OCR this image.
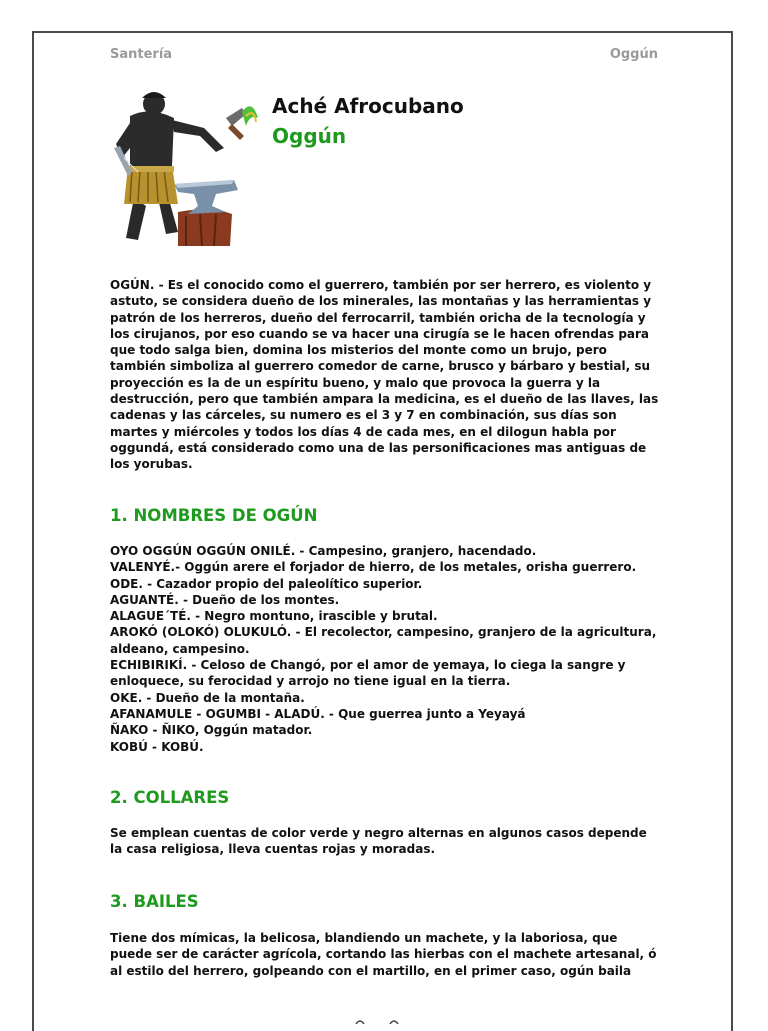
Santería	Oggún
Aché Afrocubano
Oggún

OGÚN. - Es el conocido como el guerrero, también por ser herrero, es violento y astuto, se considera dueño de los minerales, las montañas y las herramientas y patrón de los herreros, dueño del ferrocarril, también oricha de la tecnología y los cirujanos, por eso cuando se va hacer una cirugía se le hacen ofrendas para que todo salga bien, domina los misterios del monte como un brujo, pero también simboliza al guerrero comedor de carne, brusco y bárbaro y bestial, su proyección es la de un espíritu bueno, y malo que provoca la guerra y la destrucción, pero que también ampara la medicina, es el dueño de las llaves, las cadenas y las cárceles, su numero es el 3 y 7 en combinación, sus días son martes y miércoles y todos los días 4 de cada mes, en el dilogun habla por oggundá, está considerado como una de las personificaciones mas antiguas de los yorubas.

1. NOMBRES DE OGÚN
OYO OGGÚN OGGÚN ONILÉ. - Campesino, granjero, hacendado.
VALENYÉ.- Oggún arere el forjador de hierro, de los metales, orisha guerrero.
ODE. - Cazador propio del paleolítico superior.
AGUANTÉ. - Dueño de los montes.
ALAGUE´TÉ. - Negro montuno, irascible y brutal.
AROKÓ (OLOKÓ) OLUKULÓ. - El recolector, campesino, granjero de la agricultura, aldeano, campesino.
ECHIBIRIKÍ. - Celoso de Changó, por el amor de yemaya, lo ciega la sangre y enloquece, su ferocidad y arrojo no tiene igual en la tierra.
OKE. - Dueño de la montaña.
AFANAMULE - OGUMBI - ALADÚ. - Que guerrea junto a Yeyayá
ÑAKO - ÑIKO, Oggún matador.
KOBÚ - KOBÚ.
2. COLLARES

Se emplean cuentas de color verde y negro alternas en algunos casos depende la casa religiosa, lleva cuentas rojas y moradas.

3. BAILES

Tiene dos mímicas, la belicosa, blandiendo un machete, y la laboriosa, que puede ser de carácter agrícola, cortando las hierbas con el machete artesanal, ó al estilo del herrero, golpeando con el martillo, en el primer caso, ogún baila
